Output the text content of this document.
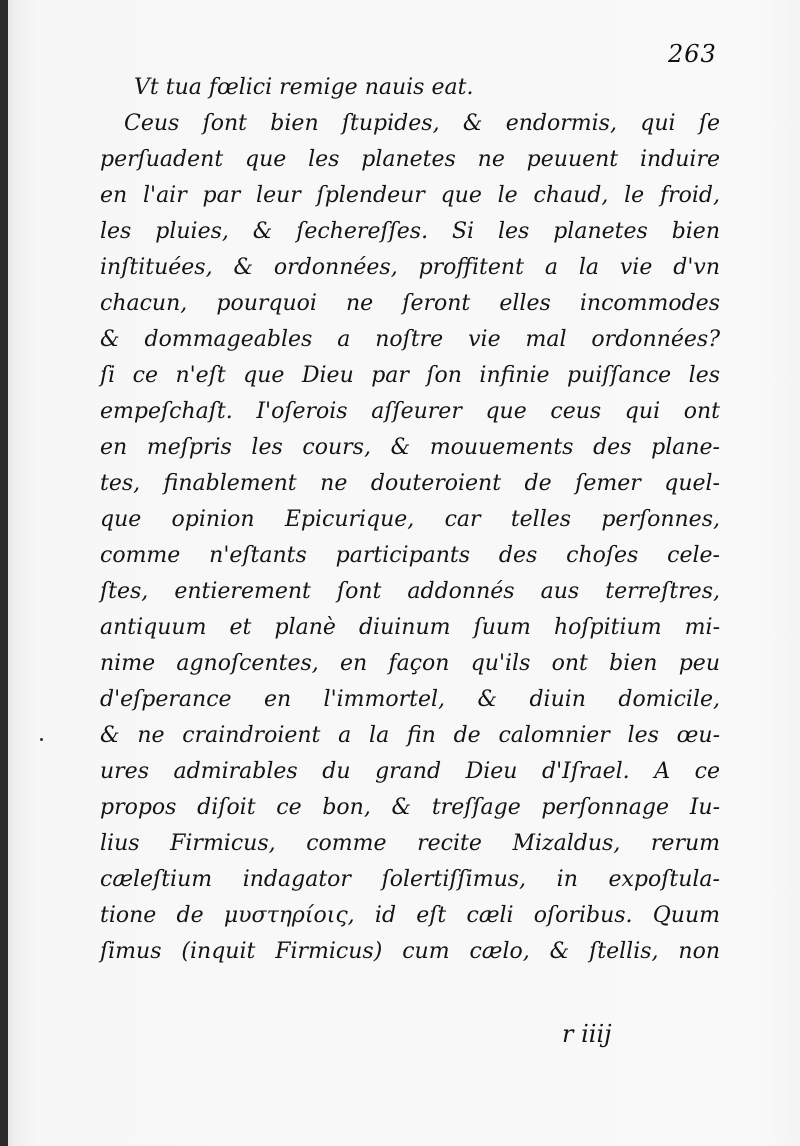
263
Vt tua fœlici remige nauis eat.
Ceus ſont bien ſtupides, & endormis, qui ſe
perſuadent que les planetes ne peuuent induire
en l'air par leur ſplendeur que le chaud, le froid,
les pluies, & ſechereſſes. Si les planetes bien
inſtituées, & ordonnées, proffitent a la vie d'vn
chacun, pourquoi ne ſeront elles incommodes
& dommageables a noſtre vie mal ordonnées?
ſi ce n'eſt que Dieu par ſon infinie puiſſance les
empeſchaſt. I'oſerois aſſeurer que ceus qui ont
en meſpris les cours, & mouuements des plane-
tes, finablement ne douteroient de ſemer quel-
que opinion Epicurique, car telles perſonnes,
comme n'eſtants participants des choſes cele-
ſtes, entierement ſont addonnés aus terreſtres,
antiquum et planè diuinum ſuum hoſpitium mi-
nime agnoſcentes, en façon qu'ils ont bien peu
d'eſperance en l'immortel, & diuin domicile,
& ne craindroient a la fin de calomnier les œu-
ures admirables du grand Dieu d'Iſrael. A ce
propos diſoit ce bon, & treſſage perſonnage Iu-
lius Firmicus, comme recite Mizaldus, rerum
cæleſtium indagator ſolertiſſimus, in expoſtula-
tione de μυστηρίοις, id eſt cæli oſoribus. Quum
ſimus (inquit Firmicus) cum cælo, & ſtellis, non
r iiij
